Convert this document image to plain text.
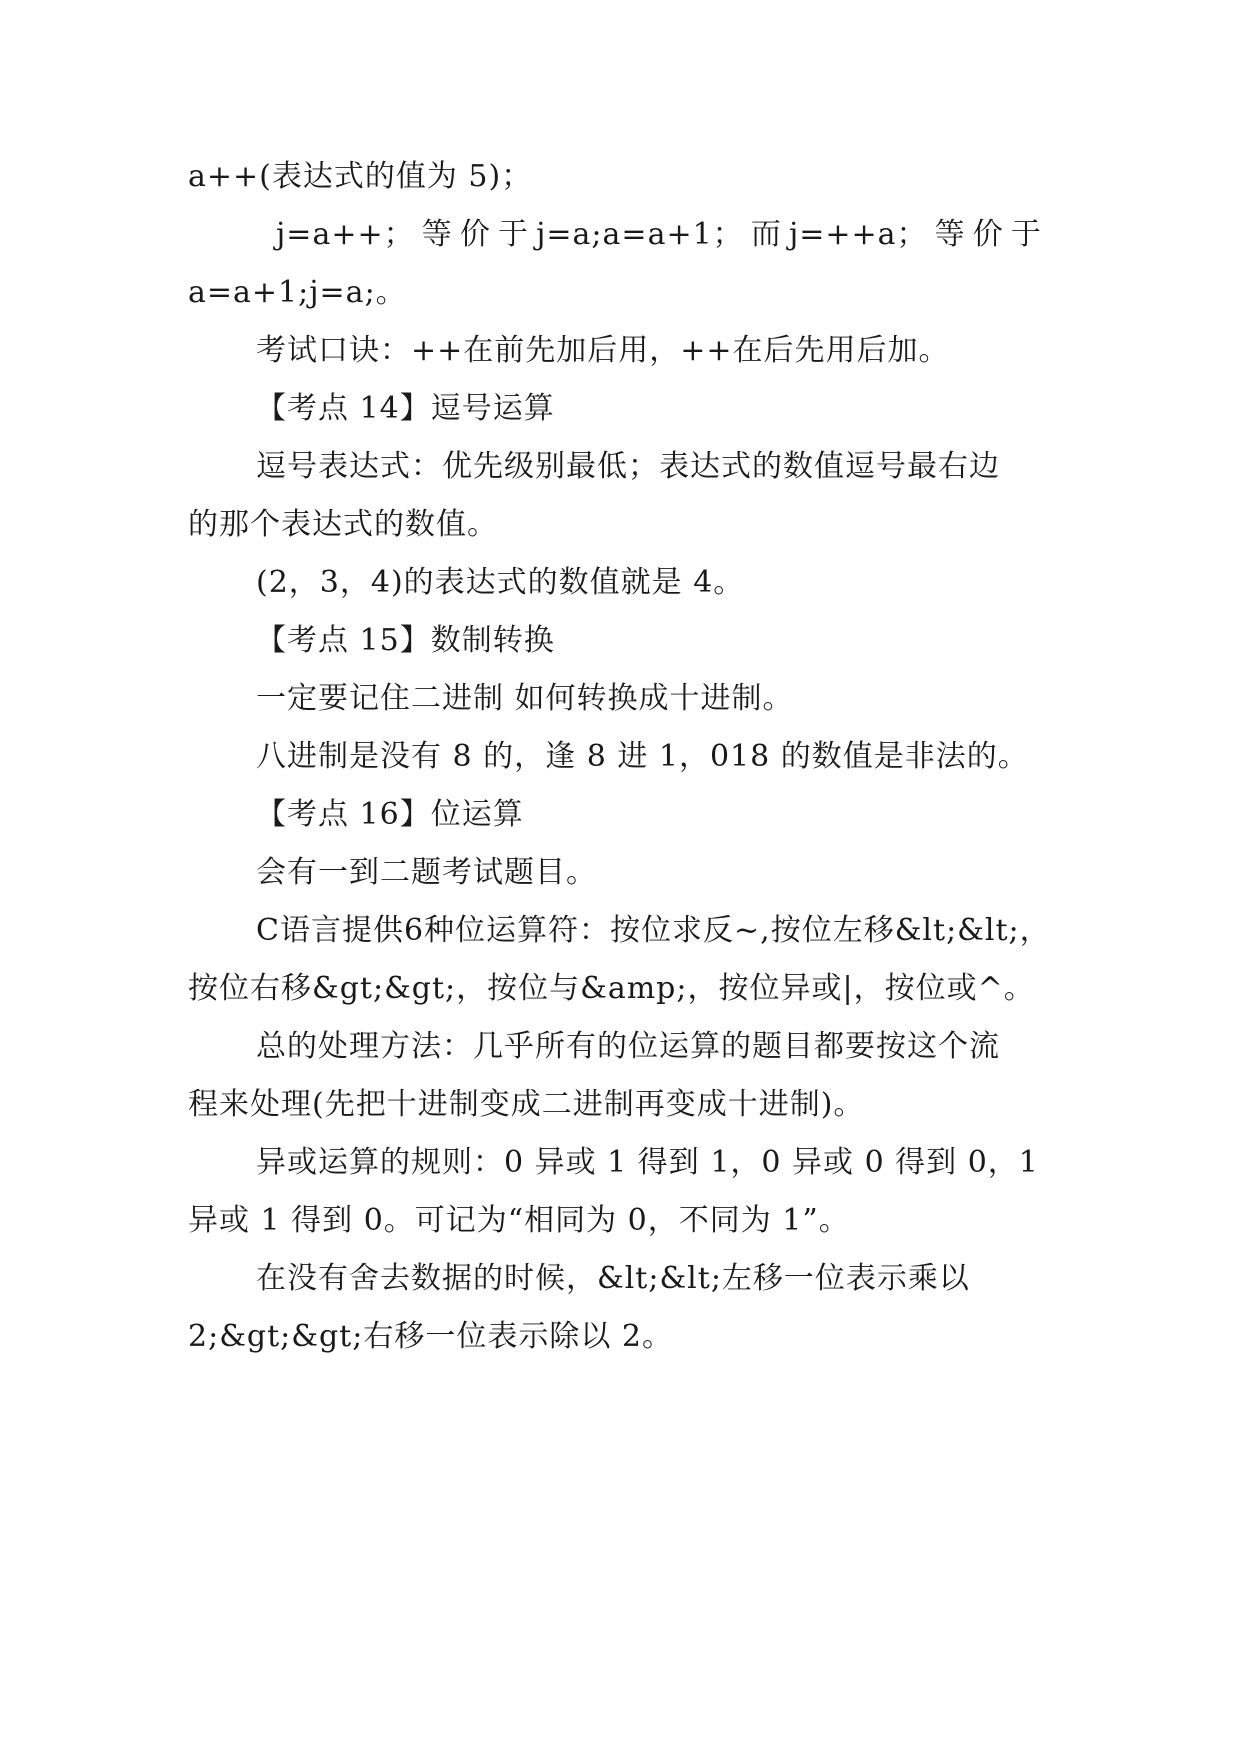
a++(表达式的值为 5)；
j=a++； 等 价 于 j=a;a=a+1； 而 j=++a； 等 价 于
a=a+1;j=a;。
考试口诀：++在前先加后用，++在后先用后加。
【考点 14】逗号运算
逗号表达式：优先级别最低；表达式的数值逗号最右边
的那个表达式的数值。
(2，3，4)的表达式的数值就是 4。
【考点 15】数制转换
一定要记住二进制 如何转换成十进制。
八进制是没有 8 的，逢 8 进 1，018 的数值是非法的。
【考点 16】位运算
会有一到二题考试题目。
C语言提供6种位运算符：按位求反~,按位左移&lt;&lt;，
按位右移&gt;&gt;，按位与&amp;，按位异或|，按位或^。
总的处理方法：几乎所有的位运算的题目都要按这个流
程来处理(先把十进制变成二进制再变成十进制)。
异或运算的规则：0 异或 1 得到 1，0 异或 0 得到 0，1
异或 1 得到 0。可记为“相同为 0，不同为 1”。
在没有舍去数据的时候，&lt;&lt;左移一位表示乘以
2;&gt;&gt;右移一位表示除以 2。
